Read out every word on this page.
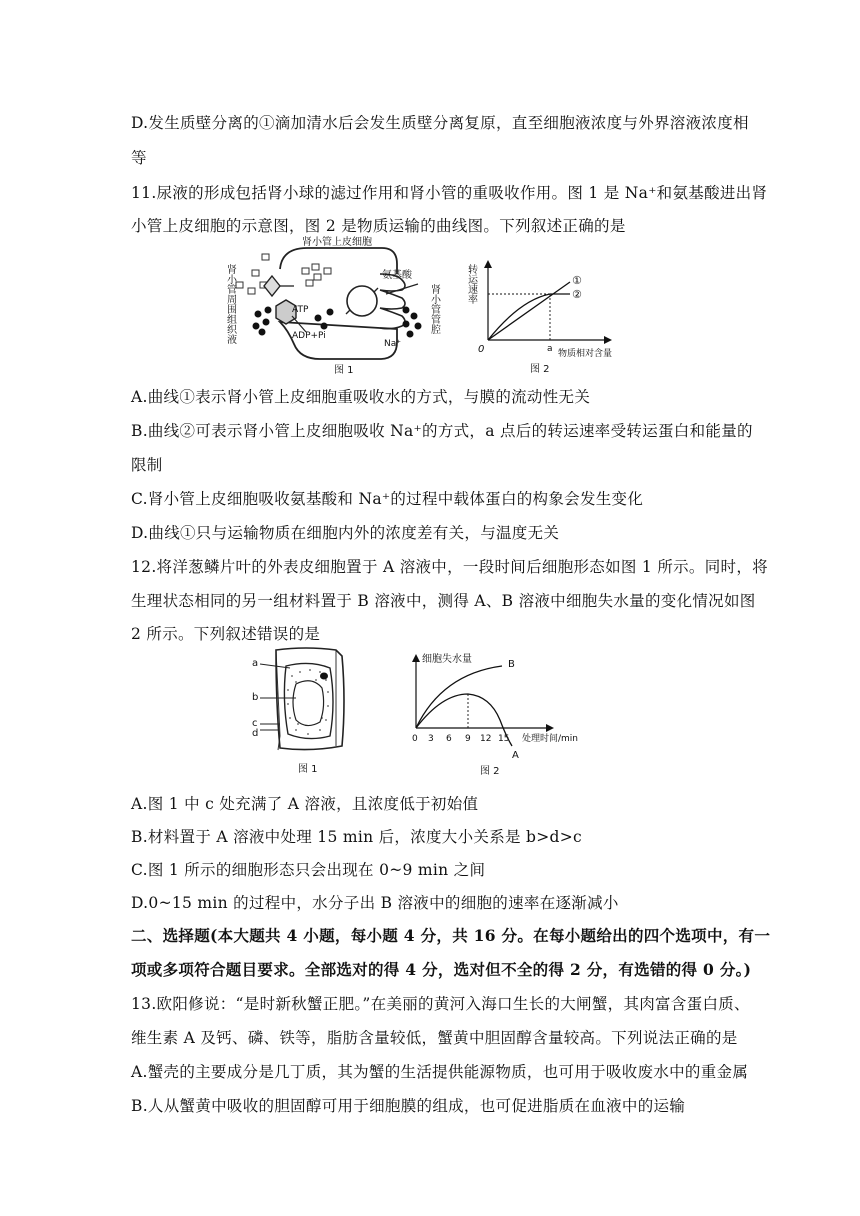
D.发生质壁分离的①滴加清水后会发生质壁分离复原，直至细胞液浓度与外界溶液浓度相
等
11.尿液的形成包括肾小球的滤过作用和肾小管的重吸收作用。图 1 是 Na⁺和氨基酸进出肾
小管上皮细胞的示意图，图 2 是物质运输的曲线图。下列叙述正确的是
肾小管上皮细胞
氨基酸
ATP
ADP+Pi
Na⁺
肾小管周围组织液	肾小管管腔
图 1
转运速率	①
②
0	a 物质相对含量
图 2
A.曲线①表示肾小管上皮细胞重吸收水的方式，与膜的流动性无关
B.曲线②可表示肾小管上皮细胞吸收 Na⁺的方式，a 点后的转运速率受转运蛋白和能量的
限制
C.肾小管上皮细胞吸收氨基酸和 Na⁺的过程中载体蛋白的构象会发生变化
D.曲线①只与运输物质在细胞内外的浓度差有关，与温度无关
12.将洋葱鳞片叶的外表皮细胞置于 A 溶液中，一段时间后细胞形态如图 1 所示。同时，将
生理状态相同的另一组材料置于 B 溶液中，测得 A、B 溶液中细胞失水量的变化情况如图
2 所示。下列叙述错误的是
a
b
c
d
图 1
细胞失水量	B
A
0 3 6 9 12 15 处理时间/min
图 2
A.图 1 中 c 处充满了 A 溶液，且浓度低于初始值
B.材料置于 A 溶液中处理 15 min 后，浓度大小关系是 b>d>c
C.图 1 所示的细胞形态只会出现在 0~9 min 之间
D.0~15 min 的过程中，水分子出 B 溶液中的细胞的速率在逐渐减小
二、选择题(本大题共 4 小题，每小题 4 分，共 16 分。在每小题给出的四个选项中，有一
项或多项符合题目要求。全部选对的得 4 分，选对但不全的得 2 分，有选错的得 0 分。)
13.欧阳修说：“是时新秋蟹正肥。”在美丽的黄河入海口生长的大闸蟹，其肉富含蛋白质、
维生素 A 及钙、磷、铁等，脂肪含量较低，蟹黄中胆固醇含量较高。下列说法正确的是
A.蟹壳的主要成分是几丁质，其为蟹的生活提供能源物质，也可用于吸收废水中的重金属
B.人从蟹黄中吸收的胆固醇可用于细胞膜的组成，也可促进脂质在血液中的运输
